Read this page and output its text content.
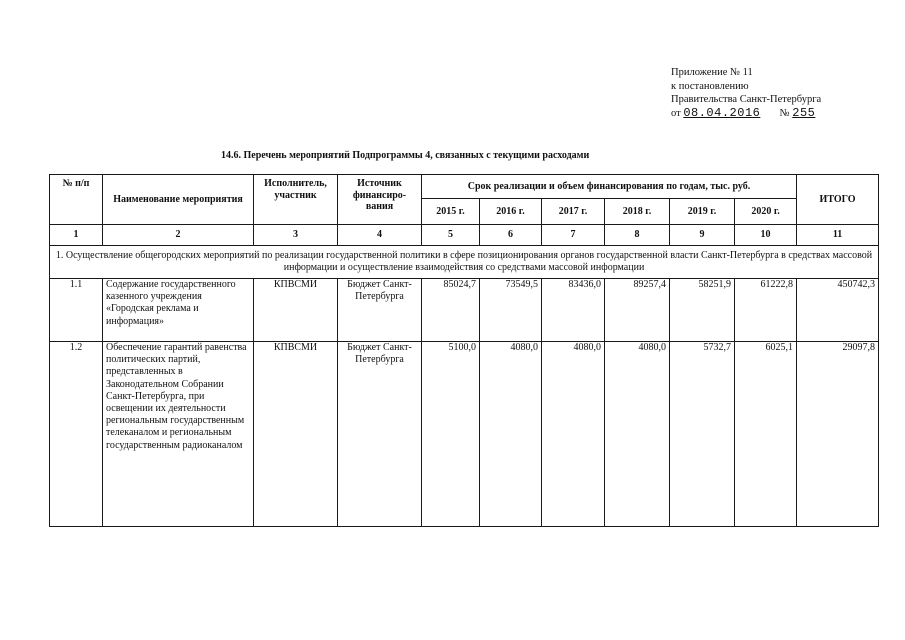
Приложение № 11
к постановлению
Правительства Санкт-Петербурга
от 08.04.2016 № 255
14.6. Перечень мероприятий Подпрограммы 4, связанных с текущими расходами
№ п/п	Наименование мероприятия	Исполнитель, участник	Источник финансиро-вания	Срок реализации и объем финансирования по годам, тыс. руб.						ИТОГО
				2015 г.	2016 г.	2017 г.	2018 г.	2019 г.	2020 г.	
1	2	3	4	5	6	7	8	9	10	11
1. Осуществление общегородских мероприятий по реализации государственной политики в сфере позиционирования органов государственной власти Санкт-Петербурга в средствах массовой информации и осуществление взаимодействия со средствами массовой информации										
1.1	Содержание государственного казенного учреждения «Городская реклама и информация»	КПВСМИ	Бюджет Санкт-Петербурга	85024,7	73549,5	83436,0	89257,4	58251,9	61222,8	450742,3
1.2	Обеспечение гарантий равенства политических партий, представленных в Законодательном Собрании Санкт-Петербурга, при освещении их деятельности региональным государственным телеканалом и региональным государственным радиоканалом	КПВСМИ	Бюджет Санкт-Петербурга	5100,0	4080,0	4080,0	4080,0	5732,7	6025,1	29097,8
